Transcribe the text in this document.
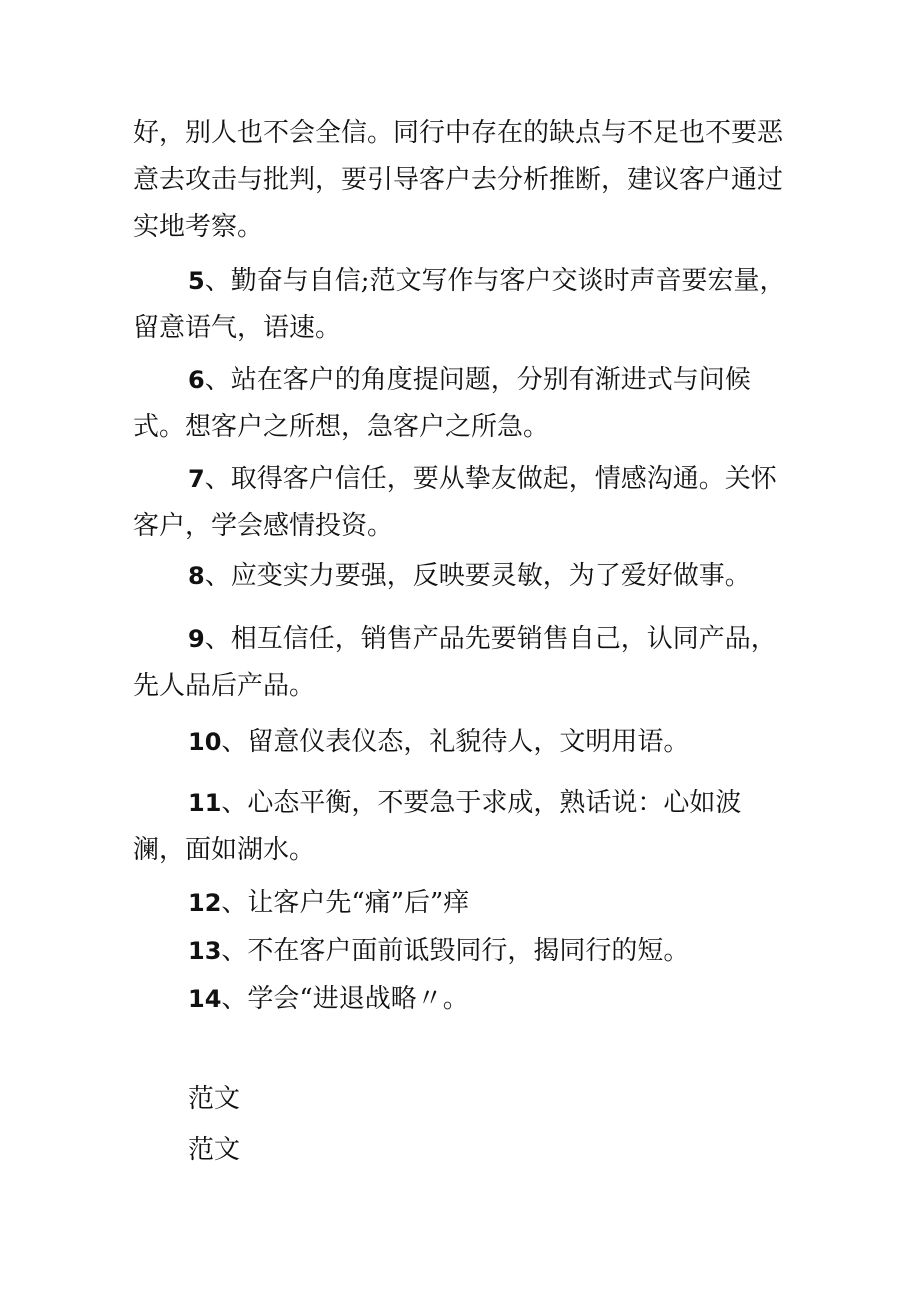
好，别人也不会全信。同行中存在的缺点与不足也不要恶意去攻击与批判，要引导客户去分析推断，建议客户通过实地考察。

5、勤奋与自信;范文写作与客户交谈时声音要宏量，留意语气，语速。

6、站在客户的角度提问题，分别有渐进式与问候式。想客户之所想，急客户之所急。

7、取得客户信任，要从挚友做起，情感沟通。关怀客户，学会感情投资。

8、应变实力要强，反映要灵敏，为了爱好做事。

9、相互信任，销售产品先要销售自己，认同产品，先人品后产品。

10、留意仪表仪态，礼貌待人，文明用语。

11、心态平衡，不要急于求成，熟话说：心如波澜，面如湖水。

12、让客户先“痛”后”痒

13、不在客户面前诋毁同行，揭同行的短。

14、学会“进退战略〃。

范文

范文
